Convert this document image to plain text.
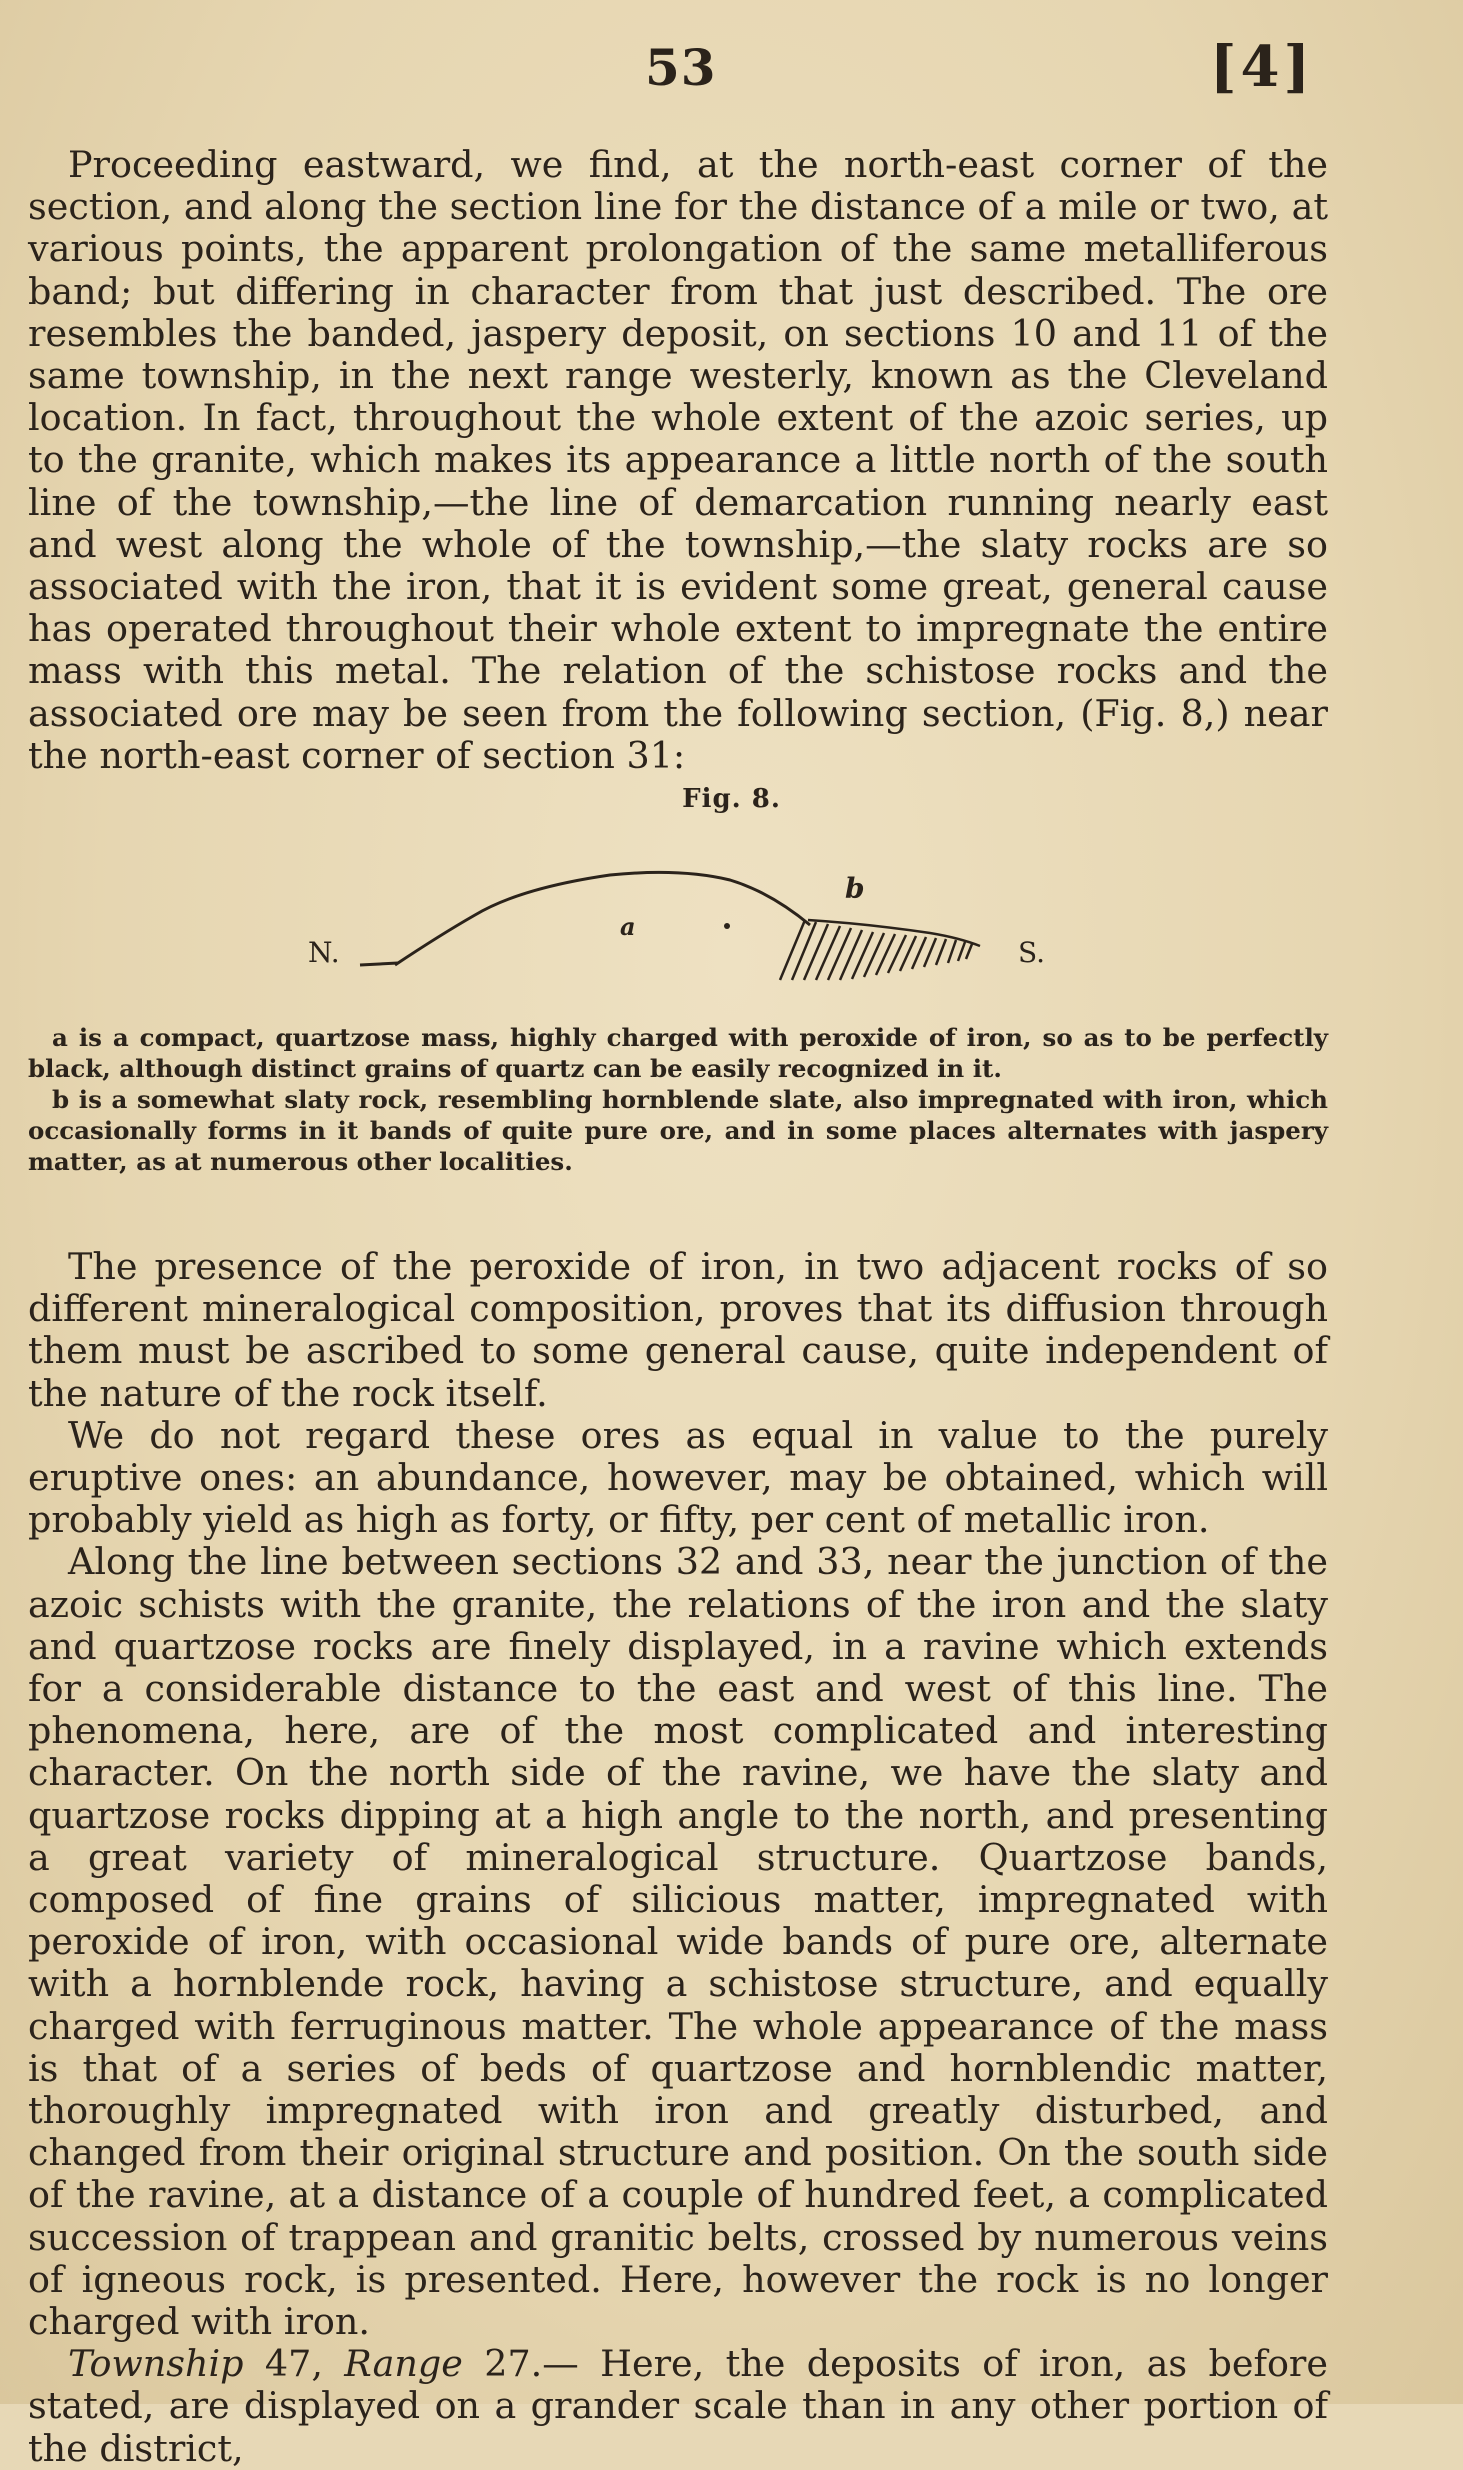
53	[4]

Proceeding eastward, we find, at the north-east corner of the section, and along the section line for the distance of a mile or two, at various points, the apparent prolongation of the same metalliferous band; but differing in character from that just described. The ore resembles the banded, jaspery deposit, on sections 10 and 11 of the same township, in the next range westerly, known as the Cleveland location. In fact, throughout the whole extent of the azoic series, up to the granite, which makes its appearance a little north of the south line of the township,—the line of demarcation running nearly east and west along the whole of the township,—the slaty rocks are so associated with the iron, that it is evident some great, general cause has operated throughout their whole extent to impregnate the entire mass with this metal. The relation of the schistose rocks and the associated ore may be seen from the following section, (Fig. 8,) near the north-east corner of section 31:

Fig. 8.
N.	S.
a
b

a is a compact, quartzose mass, highly charged with peroxide of iron, so as to be perfectly black, although distinct grains of quartz can be easily recognized in it.

b is a somewhat slaty rock, resembling hornblende slate, also impregnated with iron, which occasionally forms in it bands of quite pure ore, and in some places alternates with jaspery matter, as at numerous other localities.

The presence of the peroxide of iron, in two adjacent rocks of so different mineralogical composition, proves that its diffusion through them must be ascribed to some general cause, quite independent of the nature of the rock itself.

We do not regard these ores as equal in value to the purely eruptive ones: an abundance, however, may be obtained, which will probably yield as high as forty, or fifty, per cent of metallic iron.

Along the line between sections 32 and 33, near the junction of the azoic schists with the granite, the relations of the iron and the slaty and quartzose rocks are finely displayed, in a ravine which extends for a considerable distance to the east and west of this line. The phenomena, here, are of the most complicated and interesting character. On the north side of the ravine, we have the slaty and quartzose rocks dipping at a high angle to the north, and presenting a great variety of mineralogical structure. Quartzose bands, composed of fine grains of silicious matter, impregnated with peroxide of iron, with occasional wide bands of pure ore, alternate with a hornblende rock, having a schistose structure, and equally charged with ferruginous matter. The whole appearance of the mass is that of a series of beds of quartzose and hornblendic matter, thoroughly impregnated with iron and greatly disturbed, and changed from their original structure and position. On the south side of the ravine, at a distance of a couple of hundred feet, a complicated succession of trappean and granitic belts, crossed by numerous veins of igneous rock, is presented. Here, however the rock is no longer charged with iron.

Township 47, Range 27.— Here, the deposits of iron, as before stated, are displayed on a grander scale than in any other portion of the district,
